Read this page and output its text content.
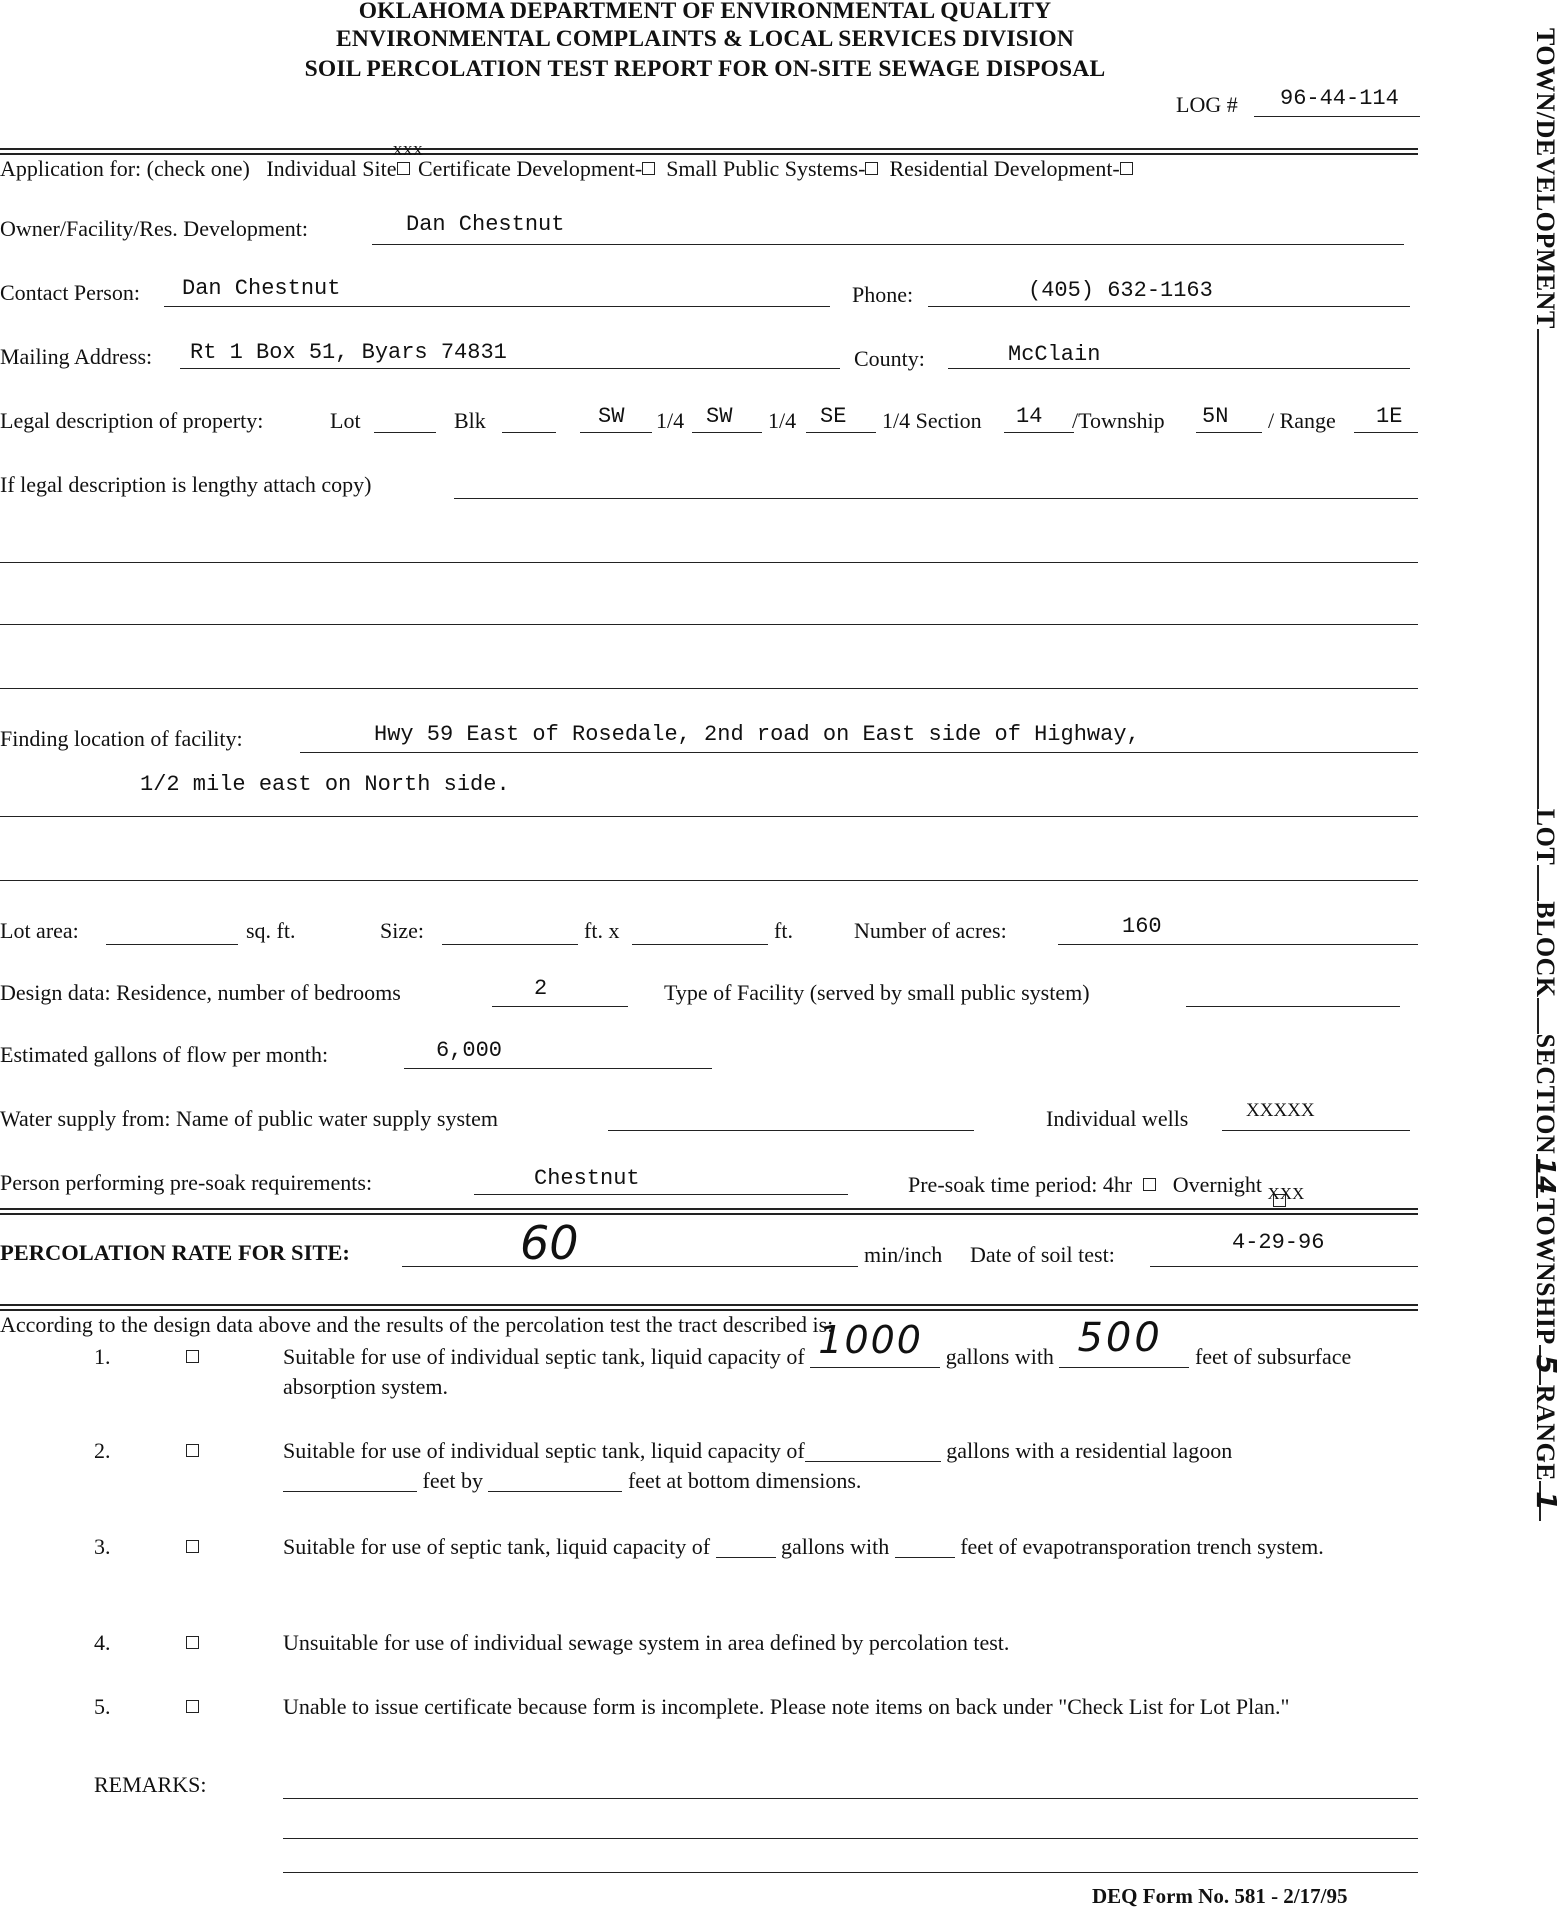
OKLAHOMA DEPARTMENT OF ENVIRONMENTAL QUALITY
ENVIRONMENTAL COMPLAINTS & LOCAL SERVICES DIVISION
SOIL PERCOLATION TEST REPORT FOR ON-SITE SEWAGE DISPOSAL
LOG # 96-44-114
Application for: (check one) Individual Site
XXX
Certificate Development- Small Public Systems- Residential Development-
Owner/Facility/Res. Development:	Dan Chestnut
Contact Person: Dan Chestnut	Phone:	(405) 632-1163
Mailing Address: Rt 1 Box 51, Byars 74831	County:	McClain
Legal description of property:	Lot	Blk	SW 1/4 SW 1/4 SE 1/4 Section 14 /Township 5N / Range 1E
If legal description is lengthy attach copy)
Finding location of facility:	Hwy 59 East of Rosedale, 2nd road on East side of Highway,
1/2 mile east on North side.
Lot area:	sq. ft.	Size:	ft. x	ft.	Number of acres:	160
Design data: Residence, number of bedrooms	2	Type of Facility (served by small public system)
Estimated gallons of flow per month:	6,000
Water supply from: Name of public water supply system	Individual wells	XXXXX
Person performing pre-soak requirements:	Chestnut	Pre-soak time period: 4hr Overnight XXX
PERCOLATION RATE FOR SITE:	60	min/inch Date of soil test:	4-29-96
According to the design data above and the results of the percolation test the tract described is:
1.	Suitable for use of individual septic tank, liquid capacity of 1000 gallons with 500 feet of subsurface absorption system.
2.	Suitable for use of individual septic tank, liquid capacity of	gallons with a residential lagoon
feet by	feet at bottom dimensions.
3.	Suitable for use of septic tank, liquid capacity of	gallons with	feet of evapotransporation trench system.
4.	Unsuitable for use of individual sewage system in area defined by percolation test.
5.	Unable to issue certificate because form is incomplete. Please note items on back under "Check List for Lot Plan."
REMARKS:
DEQ Form No. 581 - 2/17/95
TOWN/DEVELOPMENTLOTBLOCKSECTION14TOWNSHIP5RANGE1
